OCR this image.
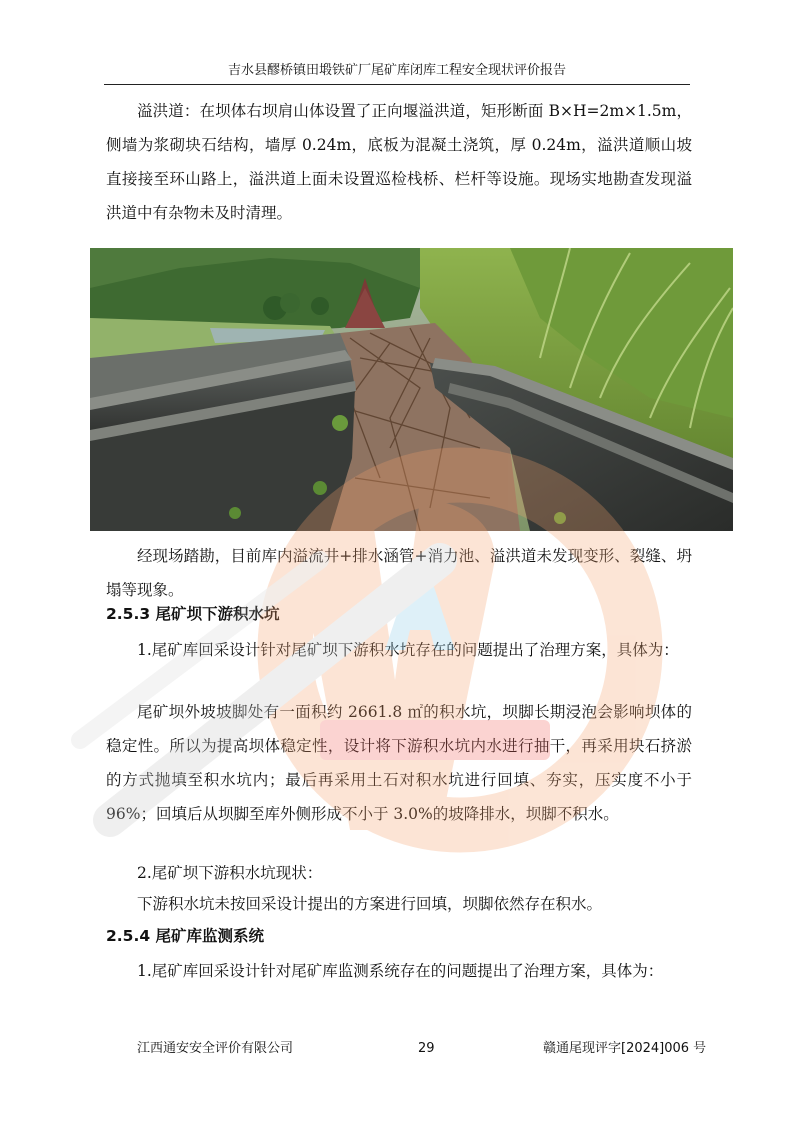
吉水县醪桥镇田塅铁矿厂尾矿库闭库工程安全现状评价报告

溢洪道：在坝体右坝肩山体设置了正向堰溢洪道，矩形断面 B×H=2m×1.5m，侧墙为浆砌块石结构，墙厚 0.24m，底板为混凝土浇筑，厚 0.24m，溢洪道顺山坡直接接至环山路上，溢洪道上面未设置巡检栈桥、栏杆等设施。现场实地勘查发现溢洪道中有杂物未及时清理。

经现场踏勘，目前库内溢流井+排水涵管+消力池、溢洪道未发现变形、裂缝、坍塌等现象。

2.5.3 尾矿坝下游积水坑

1.尾矿库回采设计针对尾矿坝下游积水坑存在的问题提出了治理方案，具体为：

尾矿坝外坡坡脚处有一面积约 2661.8 ㎡的积水坑，坝脚长期浸泡会影响坝体的稳定性。所以为提高坝体稳定性，设计将下游积水坑内水进行抽干，再采用块石挤淤的方式抛填至积水坑内；最后再采用土石对积水坑进行回填、夯实，压实度不小于 96%；回填后从坝脚至库外侧形成不小于 3.0%的坡降排水，坝脚不积水。

2.尾矿坝下游积水坑现状：

下游积水坑未按回采设计提出的方案进行回填，坝脚依然存在积水。

2.5.4 尾矿库监测系统

1.尾矿库回采设计针对尾矿库监测系统存在的问题提出了治理方案，具体为：

江西通安安全评价有限公司	29	赣通尾现评字[2024]006 号
